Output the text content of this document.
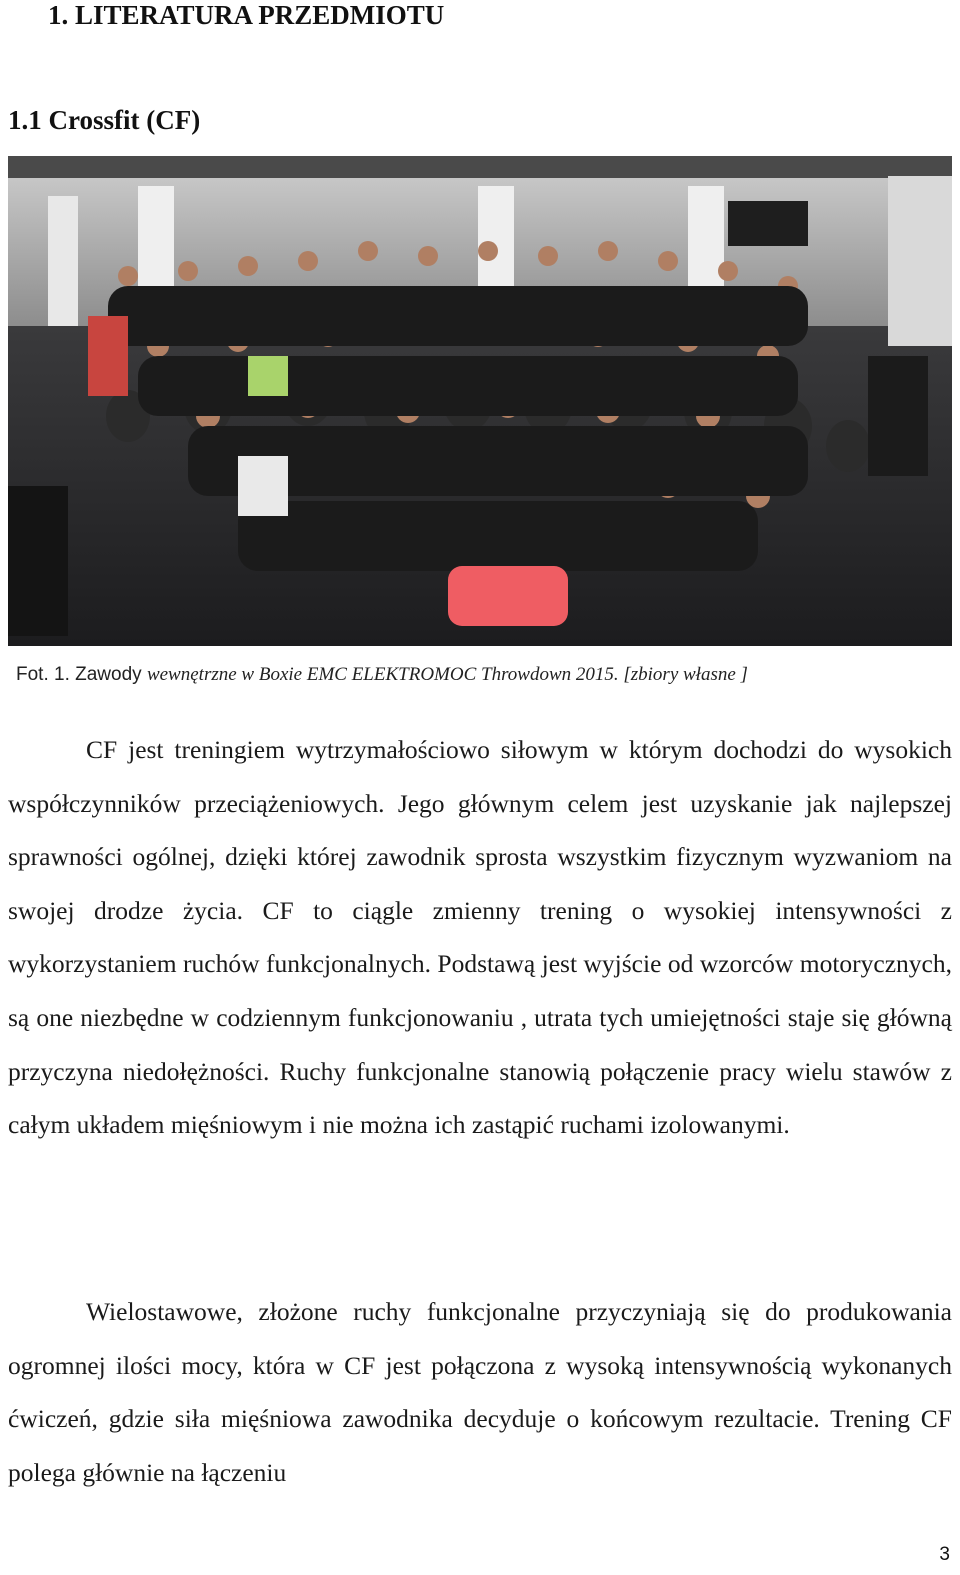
1. LITERATURA PRZEDMIOTU
1.1 Crossfit (CF)
Fot. 1. Zawody wewnętrzne w Boxie EMC ELEKTROMOC Throwdown 2015. [zbiory własne ]

CF jest treningiem wytrzymałościowo siłowym w którym dochodzi do wysokich współczynników przeciążeniowych. Jego głównym celem jest uzyskanie jak najlepszej sprawności ogólnej, dzięki której zawodnik sprosta wszystkim fizycznym wyzwaniom na swojej drodze życia. CF to ciągle zmienny trening o wysokiej intensywności z wykorzystaniem ruchów funkcjonalnych. Podstawą jest wyjście od wzorców motorycznych, są one niezbędne w codziennym funkcjonowaniu , utrata tych umiejętności staje się główną przyczyna niedołężności. Ruchy funkcjonalne stanowią połączenie pracy wielu stawów z całym układem mięśniowym i nie można ich zastąpić ruchami izolowanymi.

Wielostawowe, złożone ruchy funkcjonalne przyczyniają się do produkowania ogromnej ilości mocy, która w CF jest połączona z wysoką intensywnością wykonanych ćwiczeń, gdzie siła mięśniowa zawodnika decyduje o końcowym rezultacie. Trening CF polega głównie na łączeniu

3
